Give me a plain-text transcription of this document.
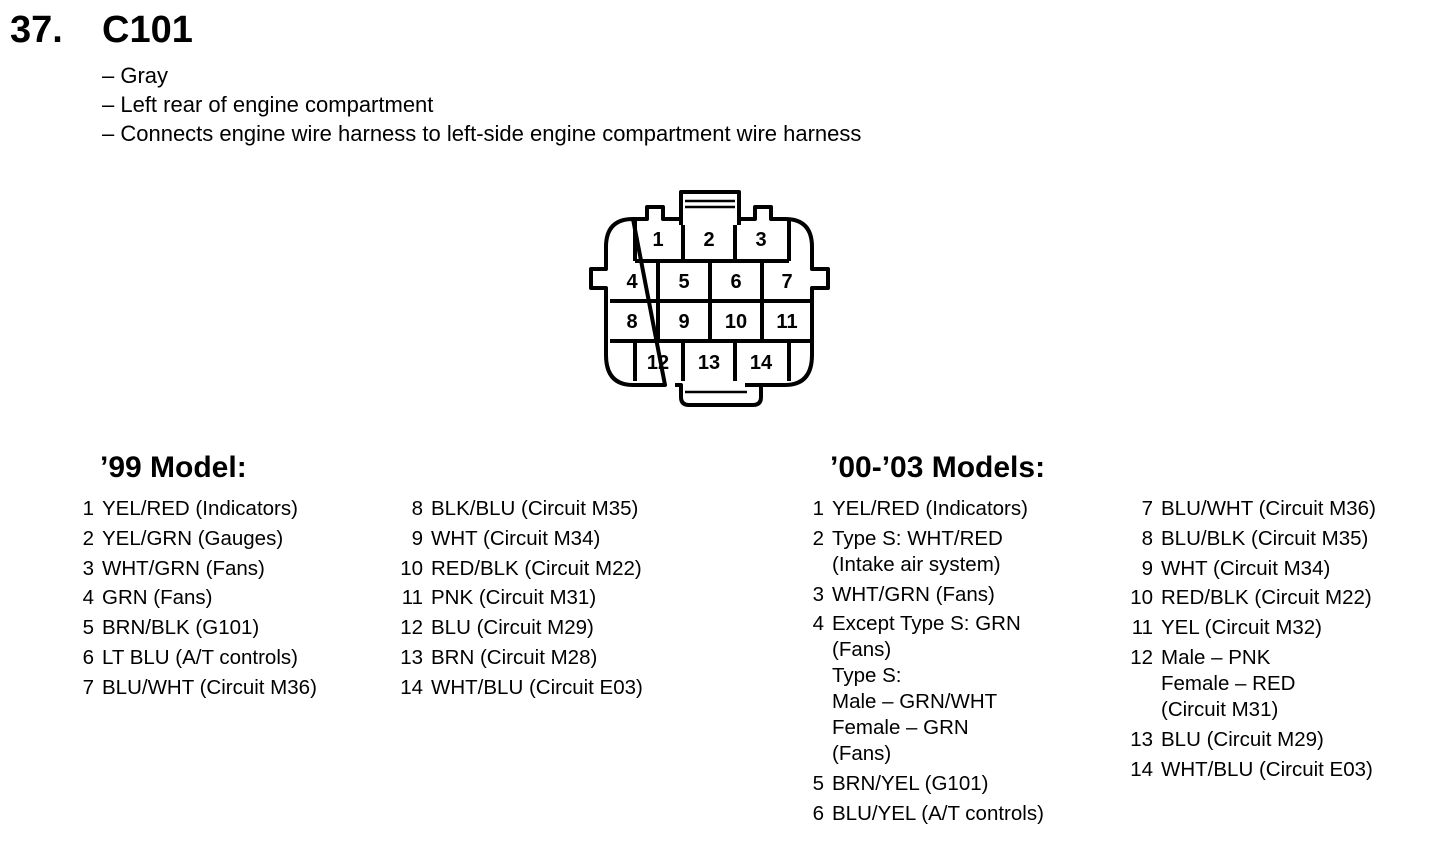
37. C101
– Gray
– Left rear of engine compartment
– Connects engine wire harness to left-side engine compartment wire harness
1 2 3
4 5 6 7
8 9 10 11
12 13 14
’99 Model:
1 YEL/RED (Indicators)
2 YEL/GRN (Gauges)
3 WHT/GRN (Fans)
4 GRN (Fans)
5 BRN/BLK (G101)
6 LT BLU (A/T controls)
7 BLU/WHT (Circuit M36)
8 BLK/BLU (Circuit M35)
9 WHT (Circuit M34)
10 RED/BLK (Circuit M22)
11 PNK (Circuit M31)
12 BLU (Circuit M29)
13 BRN (Circuit M28)
14 WHT/BLU (Circuit E03)
’00-’03 Models:
1 YEL/RED (Indicators)
2 Type S: WHT/RED
(Intake air system)
3 WHT/GRN (Fans)
4 Except Type S: GRN
(Fans)
Type S:
Male – GRN/WHT
Female – GRN
(Fans)
5 BRN/YEL (G101)
6 BLU/YEL (A/T controls)
7 BLU/WHT (Circuit M36)
8 BLU/BLK (Circuit M35)
9 WHT (Circuit M34)
10 RED/BLK (Circuit M22)
11 YEL (Circuit M32)
12 Male – PNK
Female – RED
(Circuit M31)
13 BLU (Circuit M29)
14 WHT/BLU (Circuit E03)
